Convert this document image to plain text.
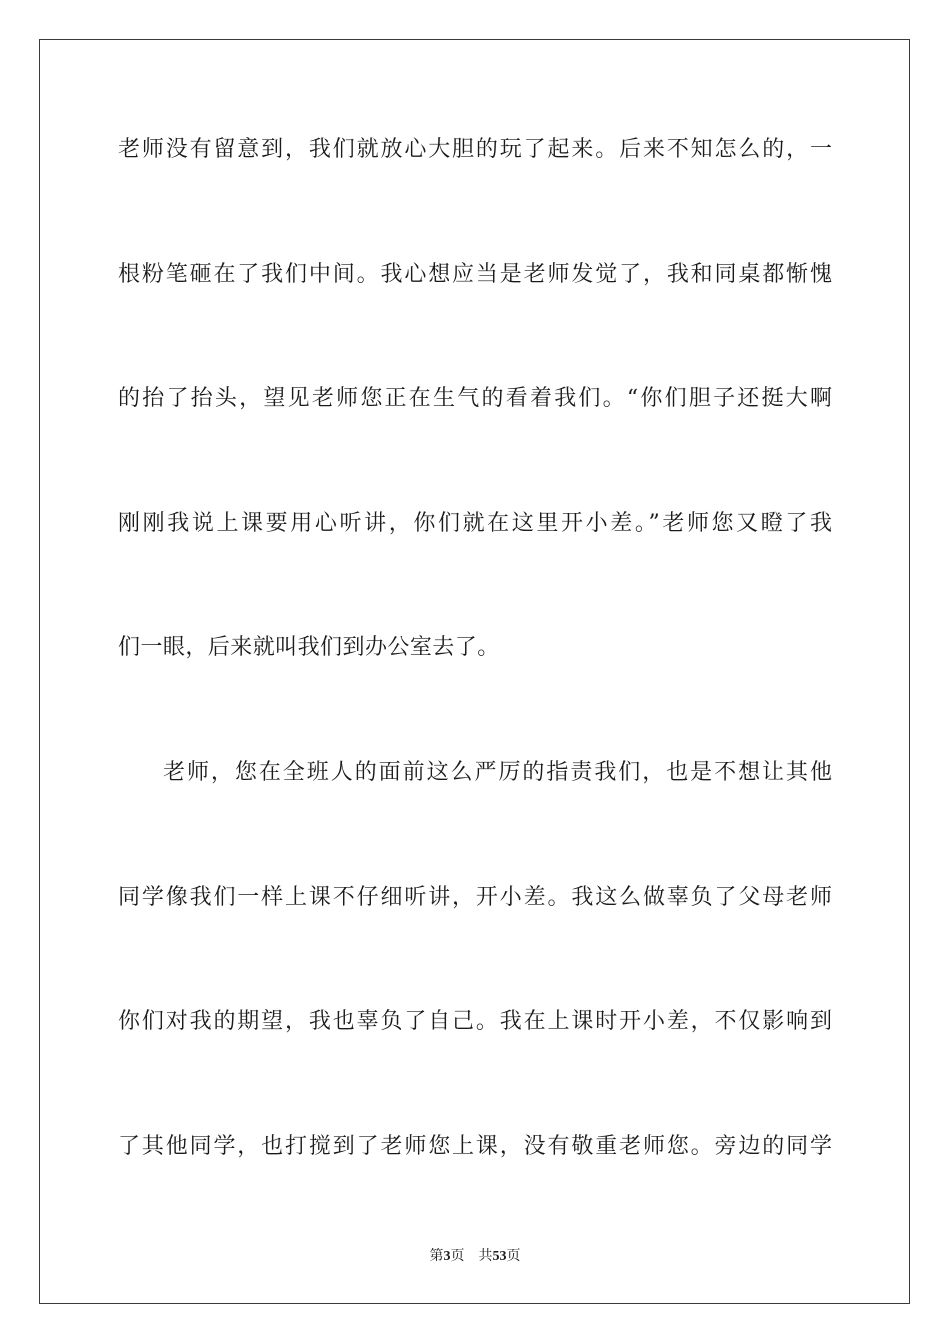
老师没有留意到，我们就放心大胆的玩了起来。后来不知怎么的，一

根粉笔砸在了我们中间。我心想应当是老师发觉了，我和同桌都惭愧

的抬了抬头，望见老师您正在生气的看着我们。“你们胆子还挺大啊

刚刚我说上课要用心听讲，你们就在这里开小差。”老师您又瞪了我

们一眼，后来就叫我们到办公室去了。

老师，您在全班人的面前这么严厉的指责我们，也是不想让其他

同学像我们一样上课不仔细听讲，开小差。我这么做辜负了父母老师

你们对我的期望，我也辜负了自己。我在上课时开小差，不仅影响到

了其他同学，也打搅到了老师您上课，没有敬重老师您。旁边的同学

第3页 共53页
